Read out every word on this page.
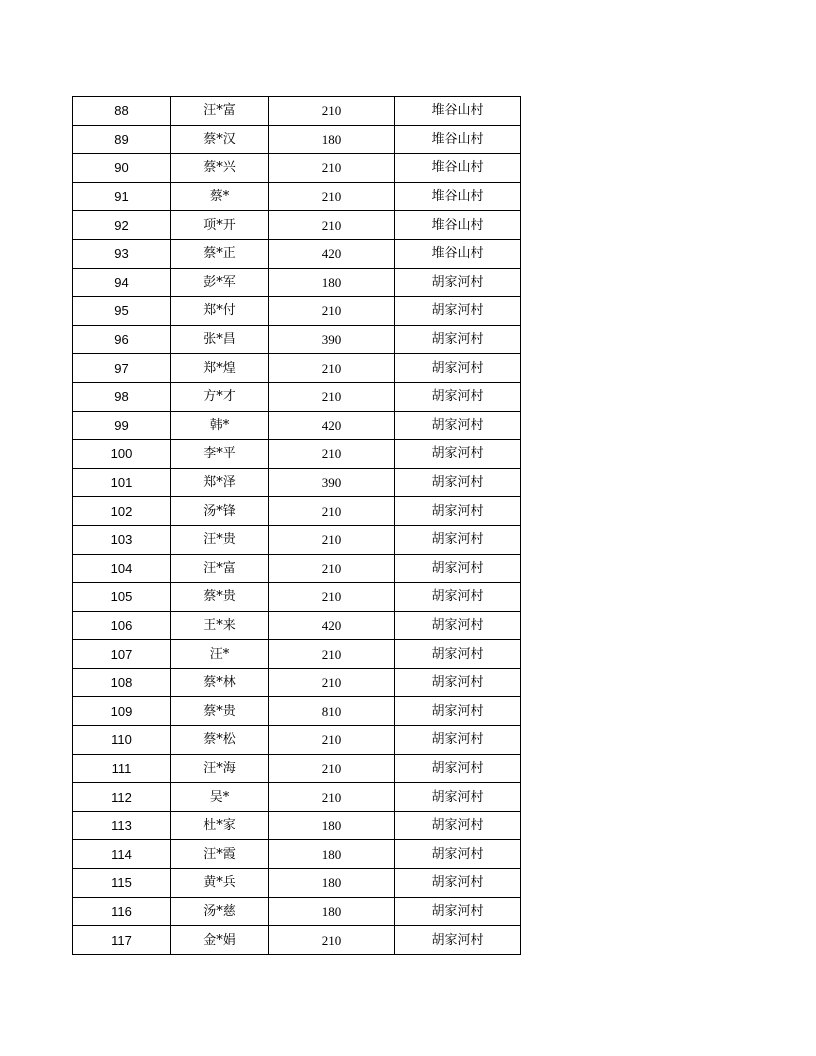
88	汪*富	210	堆谷山村
89	蔡*汉	180	堆谷山村
90	蔡*兴	210	堆谷山村
91	蔡*	210	堆谷山村
92	项*开	210	堆谷山村
93	蔡*正	420	堆谷山村
94	彭*军	180	胡家河村
95	郑*付	210	胡家河村
96	张*昌	390	胡家河村
97	郑*煌	210	胡家河村
98	方*才	210	胡家河村
99	韩*	420	胡家河村
100	李*平	210	胡家河村
101	郑*泽	390	胡家河村
102	汤*锋	210	胡家河村
103	汪*贵	210	胡家河村
104	汪*富	210	胡家河村
105	蔡*贵	210	胡家河村
106	王*来	420	胡家河村
107	汪*	210	胡家河村
108	蔡*林	210	胡家河村
109	蔡*贵	810	胡家河村
110	蔡*松	210	胡家河村
111	汪*海	210	胡家河村
112	吴*	210	胡家河村
113	杜*家	180	胡家河村
114	汪*霞	180	胡家河村
115	黄*兵	180	胡家河村
116	汤*慈	180	胡家河村
117	金*娟	210	胡家河村
